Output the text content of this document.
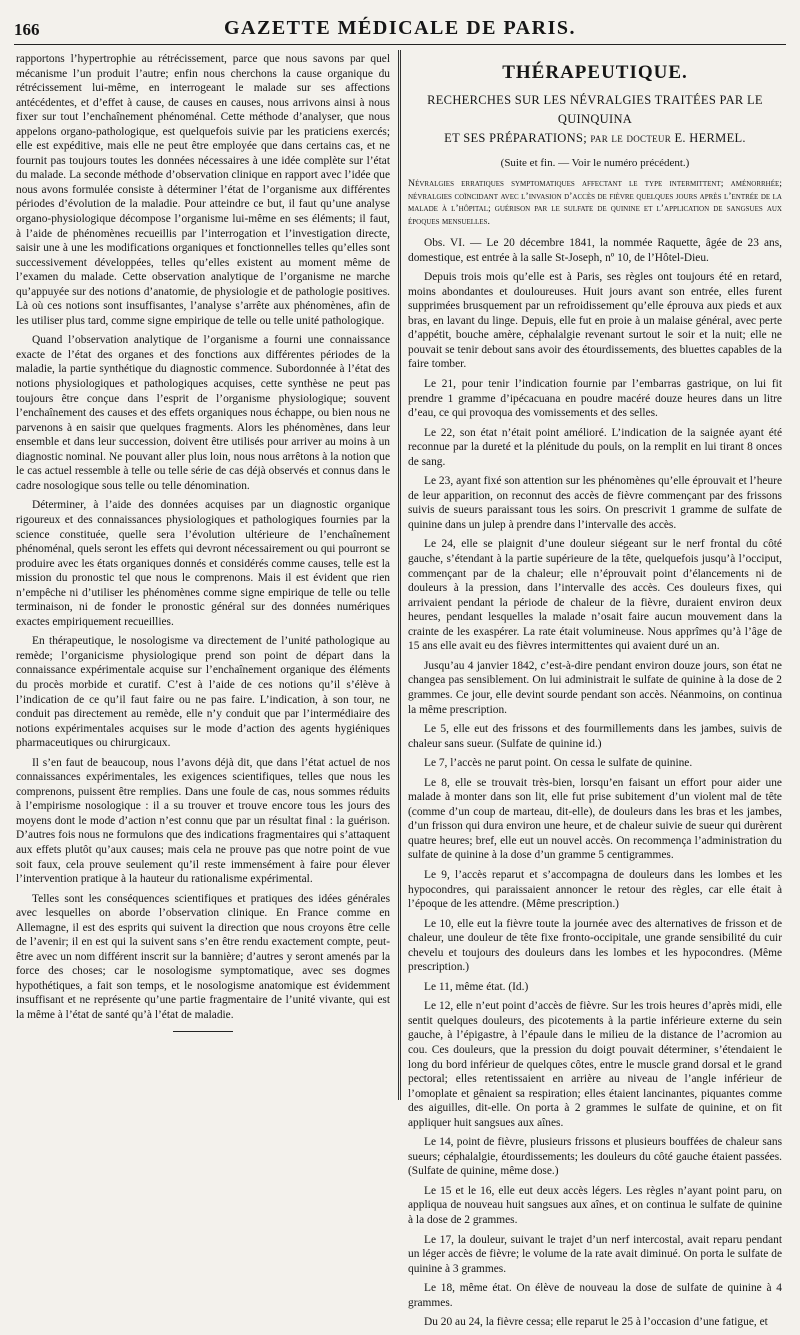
166	GAZETTE MÉDICALE DE PARIS.

rapportons l’hypertrophie au rétrécissement, parce que nous savons par quel mécanisme l’un produit l’autre; enfin nous cherchons la cause organique du rétrécissement lui-même, en interrogeant le malade sur ses affections antécédentes, et d’effet à cause, de causes en causes, nous arrivons ainsi à nous fixer sur tout l’enchaînement phénoménal. Cette méthode d’analyser, que nous appelons organo-pathologique, est quelquefois suivie par les praticiens exercés; elle est expéditive, mais elle ne peut être employée que dans certains cas, et ne fournit pas toujours toutes les données nécessaires à une idée complète sur l’état du malade. La seconde méthode d’observation clinique en rapport avec l’idée que nous avons formulée consiste à déterminer l’état de l’organisme aux différentes périodes d’évolution de la maladie. Pour atteindre ce but, il faut qu’une analyse organo-physiologique décompose l’organisme lui-même en ses éléments; il faut, à l’aide de phénomènes recueillis par l’interrogation et l’investigation directe, saisir une à une les modifications organiques et fonctionnelles telles qu’elles sont successivement développées, telles qu’elles existent au moment même de l’examen du malade. Cette observation analytique de l’organisme ne marche qu’appuyée sur des notions d’anatomie, de physiologie et de pathologie positives. Là où ces notions sont insuffisantes, l’analyse s’arrête aux phénomènes, afin de les utiliser plus tard, comme signe empirique de telle ou telle unité pathologique.

Quand l’observation analytique de l’organisme a fourni une connaissance exacte de l’état des organes et des fonctions aux différentes périodes de la maladie, la partie synthétique du diagnostic commence. Subordonnée à l’état des notions physiologiques et pathologiques acquises, cette synthèse ne peut pas toujours être conçue dans l’esprit de l’organisme physiologique; souvent l’enchaînement des causes et des effets organiques nous échappe, ou bien nous ne parvenons à en saisir que quelques fragments. Alors les phénomènes, dans leur ensemble et dans leur succession, doivent être utilisés pour arriver au moins à un diagnostic nominal. Ne pouvant aller plus loin, nous nous arrêtons à la notion que le cas actuel ressemble à telle ou telle série de cas déjà observés et connus dans le cadre nosologique sous telle ou telle dénomination.

Déterminer, à l’aide des données acquises par un diagnostic organique rigoureux et des connaissances physiologiques et pathologiques fournies par la science constituée, quelle sera l’évolution ultérieure de l’enchaînement phénoménal, quels seront les effets qui devront nécessairement ou qui pourront se produire avec les états organiques donnés et considérés comme causes, telle est la mission du pronostic tel que nous le comprenons. Mais il est évident que rien n’empêche ni d’utiliser les phénomènes comme signe empirique de telle ou telle terminaison, ni de fonder le pronostic général sur des données numériques exactes empiriquement recueillies.

En thérapeutique, le nosologisme va directement de l’unité pathologique au remède; l’organicisme physiologique prend son point de départ dans la connaissance expérimentale acquise sur l’enchaînement organique des éléments du procès morbide et curatif. C’est à l’aide de ces notions qu’il s’élève à l’indication de ce qu’il faut faire ou ne pas faire. L’indication, à son tour, ne conduit pas directement au remède, elle n’y conduit que par l’intermédiaire des notions expérimentales acquises sur le mode d’action des agents hygiéniques pharmaceutiques ou chirurgicaux.

Il s’en faut de beaucoup, nous l’avons déjà dit, que dans l’état actuel de nos connaissances expérimentales, les exigences scientifiques, telles que nous les comprenons, puissent être remplies. Dans une foule de cas, nous sommes réduits à l’empirisme nosologique : il a su trouver et trouve encore tous les jours des moyens dont le mode d’action n’est connu que par un résultat final : la guérison. D’autres fois nous ne formulons que des indications fragmentaires qui s’attaquent aux effets plutôt qu’aux causes; mais cela ne prouve pas que notre point de vue soit faux, cela prouve seulement qu’il reste immensément à faire pour élever l’intervention pratique à la hauteur du rationalisme expérimental.

Telles sont les conséquences scientifiques et pratiques des idées générales avec lesquelles on aborde l’observation clinique. En France comme en Allemagne, il est des esprits qui suivent la direction que nous croyons être celle de l’avenir; il en est qui la suivent sans s’en être rendu exactement compte, peut-être avec un nom différent inscrit sur la bannière; d’autres y seront amenés par la force des choses; car le nosologisme symptomatique, avec ses dogmes hypothétiques, a fait son temps, et le nosologisme anatomique est évidemment insuffisant et ne représente qu’une partie fragmentaire de l’unité vivante, qui est la même à l’état de santé qu’à l’état de maladie.

THÉRAPEUTIQUE.
RECHERCHES SUR LES NÉVRALGIES TRAITÉES PAR LE QUINQUINA
ET SES PRÉPARATIONS; par le docteur E. HERMEL.
(Suite et fin. — Voir le numéro précédent.)
Névralgies erratiques symptomatiques affectant le type intermittent; aménorrhée; névralgies coïncidant avec l’invasion d’accès de fièvre quelques jours après l’entrée de la malade à l’hôpital; guérison par le sulfate de quinine et l’application de sangsues aux époques mensuelles.

Obs. VI. — Le 20 décembre 1841, la nommée Raquette, âgée de 23 ans, domestique, est entrée à la salle St-Joseph, nº 10, de l’Hôtel-Dieu.

Depuis trois mois qu’elle est à Paris, ses règles ont toujours été en retard, moins abondantes et douloureuses. Huit jours avant son entrée, elles furent supprimées brusquement par un refroidissement qu’elle éprouva aux pieds et aux bras, en lavant du linge. Depuis, elle fut en proie à un malaise général, avec perte d’appétit, bouche amère, céphalalgie revenant surtout le soir et la nuit; elle ne pouvait se tenir debout sans avoir des étourdissements, des bluettes capables de la faire tomber.

Le 21, pour tenir l’indication fournie par l’embarras gastrique, on lui fit prendre 1 gramme d’ipécacuana en poudre macéré douze heures dans un litre d’eau, ce qui provoqua des vomissements et des selles.

Le 22, son état n’était point amélioré. L’indication de la saignée ayant été reconnue par la dureté et la plénitude du pouls, on la remplit en lui tirant 8 onces de sang.

Le 23, ayant fixé son attention sur les phénomènes qu’elle éprouvait et l’heure de leur apparition, on reconnut des accès de fièvre commençant par des frissons suivis de sueurs paraissant tous les soirs. On prescrivit 1 gramme de sulfate de quinine dans un julep à prendre dans l’intervalle des accès.

Le 24, elle se plaignit d’une douleur siégeant sur le nerf frontal du côté gauche, s’étendant à la partie supérieure de la tête, quelquefois jusqu’à l’occiput, commençant par de la chaleur; elle n’éprouvait point d’élancements ni de douleurs à la pression, dans l’intervalle des accès. Ces douleurs fixes, qui arrivaient pendant la période de chaleur de la fièvre, duraient environ deux heures, pendant lesquelles la malade n’osait faire aucun mouvement dans la crainte de les exaspérer. La rate était volumineuse. Nous apprîmes qu’à l’âge de 15 ans elle avait eu des fièvres intermittentes qui avaient duré un an.

Jusqu’au 4 janvier 1842, c’est-à-dire pendant environ douze jours, son état ne changea pas sensiblement. On lui administrait le sulfate de quinine à la dose de 2 grammes. Ce jour, elle devint sourde pendant son accès. Néanmoins, on continua la même prescription.

Le 5, elle eut des frissons et des fourmillements dans les jambes, suivis de chaleur sans sueur. (Sulfate de quinine id.)

Le 7, l’accès ne parut point. On cessa le sulfate de quinine.

Le 8, elle se trouvait très-bien, lorsqu’en faisant un effort pour aider une malade à monter dans son lit, elle fut prise subitement d’un violent mal de tête (comme d’un coup de marteau, dit-elle), de douleurs dans les bras et les jambes, d’un frisson qui dura environ une heure, et de chaleur suivie de sueur qui durèrent quatre heures; bref, elle eut un nouvel accès. On recommença l’administration du sulfate de quinine à la dose d’un gramme 5 centigrammes.

Le 9, l’accès reparut et s’accompagna de douleurs dans les lombes et les hypocondres, qui paraissaient annoncer le retour des règles, car elle était à l’époque de les attendre. (Même prescription.)

Le 10, elle eut la fièvre toute la journée avec des alternatives de frisson et de chaleur, une douleur de tête fixe fronto-occipitale, une grande sensibilité du cuir chevelu et toujours des douleurs dans les lombes et les hypocondres. (Même prescription.)

Le 11, même état. (Id.)

Le 12, elle n’eut point d’accès de fièvre. Sur les trois heures d’après midi, elle sentit quelques douleurs, des picotements à la partie inférieure externe du sein gauche, à l’épigastre, à l’épaule dans le milieu de la distance de l’acromion au cou. Ces douleurs, que la pression du doigt pouvait déterminer, s’étendaient le long du bord inférieur de quelques côtes, entre le muscle grand dorsal et le grand pectoral; elles retentissaient en arrière au niveau de l’angle inférieur de l’omoplate et gênaient sa respiration; elles étaient lancinantes, piquantes comme des aiguilles, dit-elle. On porta à 2 grammes le sulfate de quinine, et on fit appliquer huit sangsues aux aînes.

Le 14, point de fièvre, plusieurs frissons et plusieurs bouffées de chaleur sans sueurs; céphalalgie, étourdissements; les douleurs du côté gauche étaient passées. (Sulfate de quinine, même dose.)

Le 15 et le 16, elle eut deux accès légers. Les règles n’ayant point paru, on appliqua de nouveau huit sangsues aux aînes, et on continua le sulfate de quinine à la dose de 2 grammes.

Le 17, la douleur, suivant le trajet d’un nerf intercostal, avait reparu pendant un léger accès de fièvre; le volume de la rate avait diminué. On porta le sulfate de quinine à 3 grammes.

Le 18, même état. On élève de nouveau la dose de sulfate de quinine à 4 grammes.

Du 20 au 24, la fièvre cessa; elle reparut le 25 à l’occasion d’une fatigue, et
